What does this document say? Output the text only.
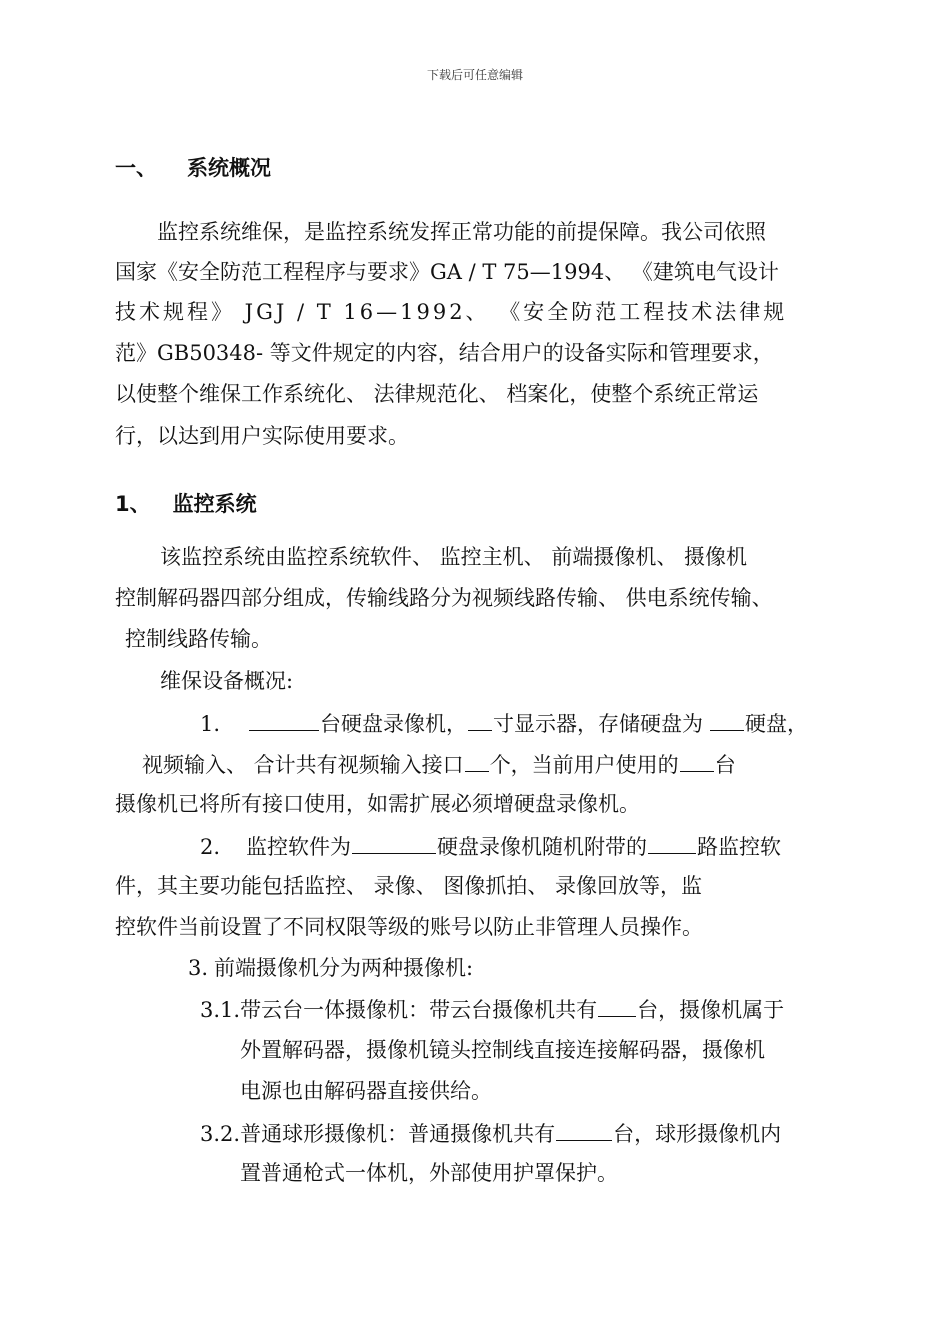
下载后可任意编辑
一、 系统概况
监控系统维保，是监控系统发挥正常功能的前提保障。我公司依照
国家《安全防范工程程序与要求》GA / T 75—1994、 《建筑电气设计
技术规程》 JGJ / T 16—1992、 《安全防范工程技术法律规
范》GB50348- 等文件规定的内容，结合用户的设备实际和管理要求，
以使整个维保工作系统化、 法律规范化、 档案化，使整个系统正常运
行，以达到用户实际使用要求。
1、 监控系统
该监控系统由监控系统软件、 监控主机、 前端摄像机、 摄像机
控制解码器四部分组成，传输线路分为视频线路传输、 供电系统传输、
控制线路传输。
维保设备概况:
1.	台硬盘录像机， 寸显示器，存储硬盘为 硬盘，
视频输入、 合计共有视频输入接口 个，当前用户使用的 台
摄像机已将所有接口使用，如需扩展必须增硬盘录像机。
2. 监控软件为	硬盘录像机随机附带的 路监控软
件，其主要功能包括监控、 录像、 图像抓拍、 录像回放等，监
控软件当前设置了不同权限等级的账号以防止非管理人员操作。
3. 前端摄像机分为两种摄像机:
3.1.带云台一体摄像机：带云台摄像机共有 台，摄像机属于
外置解码器，摄像机镜头控制线直接连接解码器，摄像机
电源也由解码器直接供给。
3.2.普通球形摄像机：普通摄像机共有	台，球形摄像机内
置普通枪式一体机，外部使用护罩保护。
